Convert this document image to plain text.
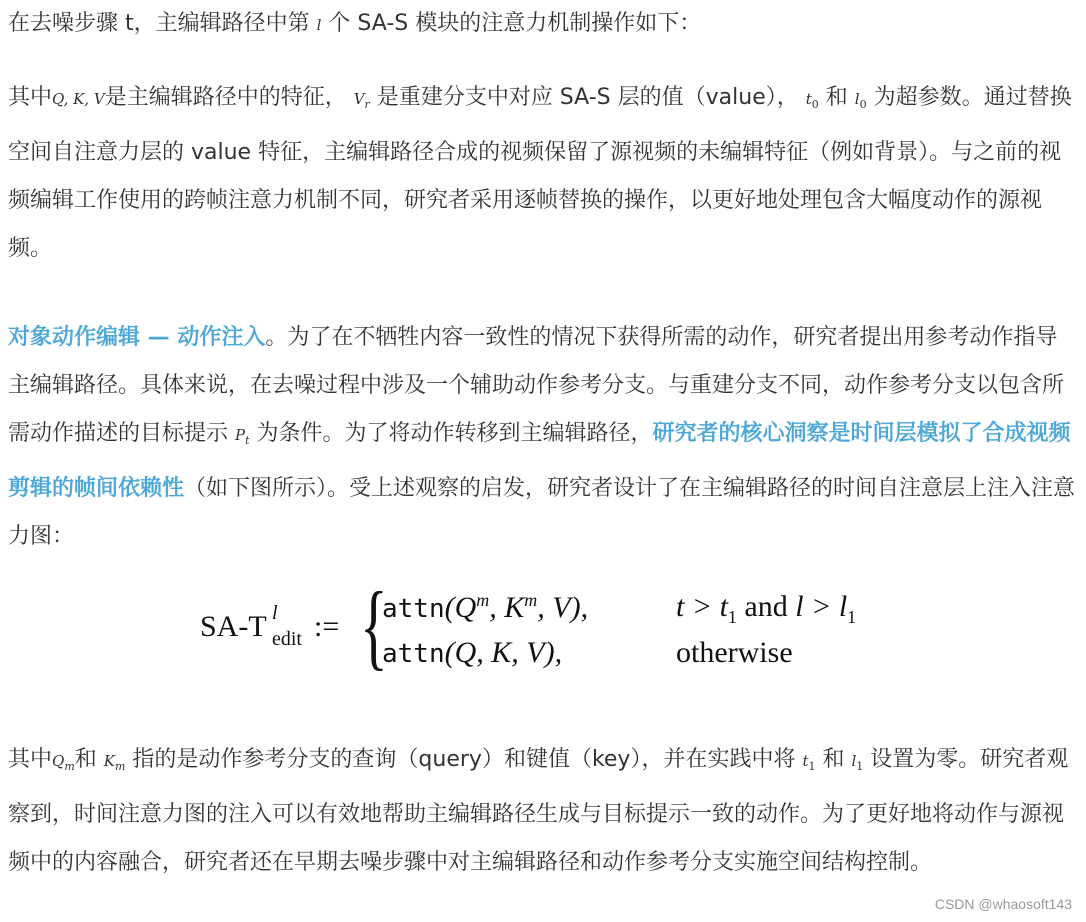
在去噪步骤 t，主编辑路径中第 l 个 SA-S 模块的注意力机制操作如下：

其中Q, K, V是主编辑路径中的特征， $V_r$ 是重建分支中对应 SA-S 层的值（value）， $t_0$ 和 $l_0$ 为超参数。通过替换空间自注意力层的 value 特征，主编辑路径合成的视频保留了源视频的未编辑特征（例如背景）。与之前的视频编辑工作使用的跨帧注意力机制不同，研究者采用逐帧替换的操作，以更好地处理包含大幅度动作的源视频。

对象动作编辑 — 动作注入。为了在不牺牲内容一致性的情况下获得所需的动作，研究者提出用参考动作指导主编辑路径。具体来说，在去噪过程中涉及一个辅助动作参考分支。与重建分支不同，动作参考分支以包含所需动作描述的目标提示 $P_t$ 为条件。为了将动作转移到主编辑路径，研究者的核心洞察是时间层模拟了合成视频剪辑的帧间依赖性（如下图所示）。受上述观察的启发，研究者设计了在主编辑路径的时间自注意层上注入注意力图：

SA-T l
edit := {
$attn(Q^m$, $K^m$, V),	$t > t_1$ and $l > l_1$
attn(Q, K, V),	otherwise

其中$Q_m$和 $K_m$ 指的是动作参考分支的查询（query）和键值（key），并在实践中将 $t_1$ 和 $l_1$ 设置为零。研究者观察到，时间注意力图的注入可以有效地帮助主编辑路径生成与目标提示一致的动作。为了更好地将动作与源视频中的内容融合，研究者还在早期去噪步骤中对主编辑路径和动作参考分支实施空间结构控制。

CSDN @whaosoft143
